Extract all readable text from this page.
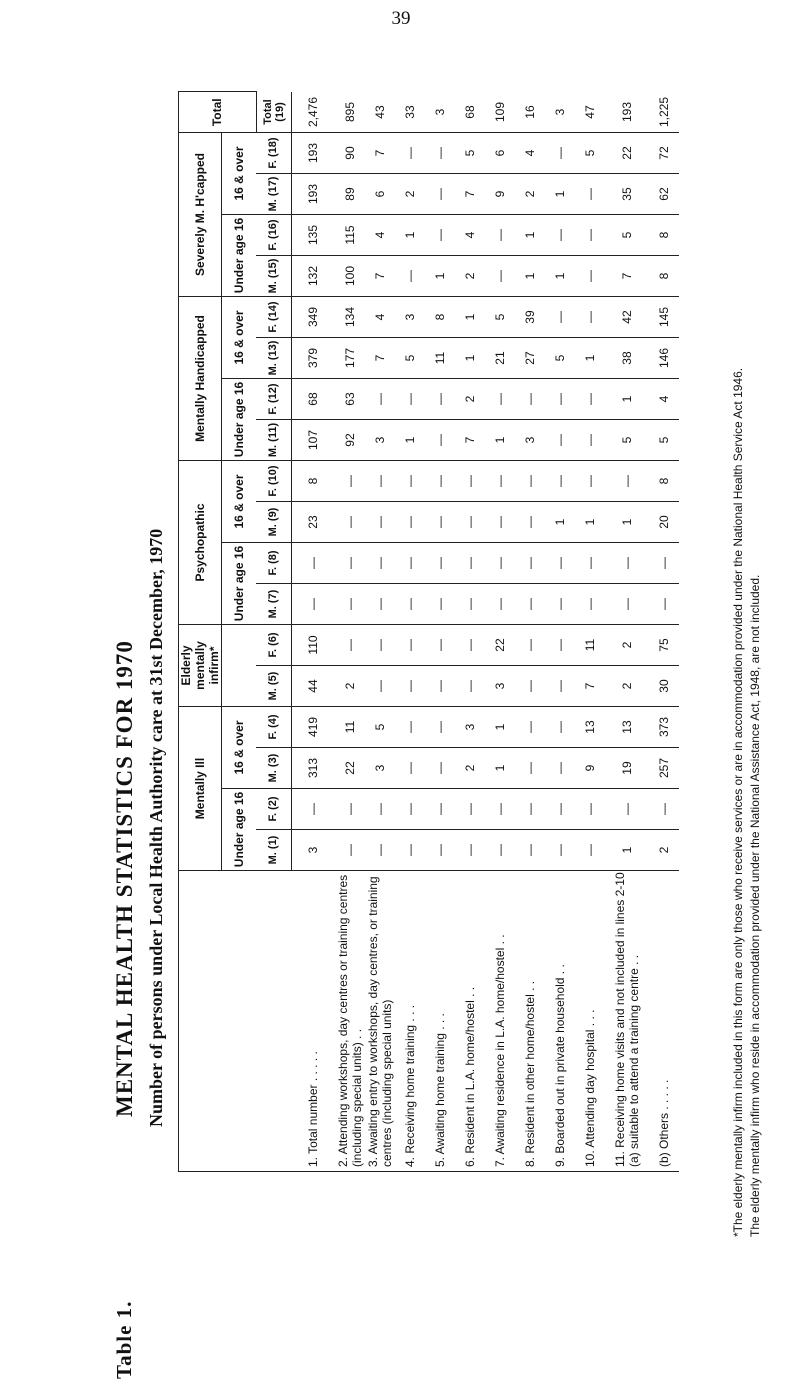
39
Table 1.
MENTAL HEALTH STATISTICS FOR 1970 Number of persons under Local Health Authority care at 31st December, 1970
	Mentally Ill				Elderly mentally infirm*		Psychopathic				Mentally Handicapped				Severely M. H'capped				Total
	Under age 16		16 & over				Under age 16		16 & over		Under age 16		16 & over		Under age 16		16 & over		
	M. (1)	F. (2)	M. (3)	F. (4)	M. (5)	F. (6)	M. (7)	F. (8)	M. (9)	F. (10)	M. (11)	F. (12)	M. (13)	F. (14)	M. (15)	F. (16)	M. (17)	F. (18)	Total (19)
1. Total number . . . . .	3	—	313	419	44	110	—	—	23	8	107	68	379	349	132	135	193	193	2,476
2. Attending workshops, day centres or training centres (including special units) . .	—	—	22	11	2	—	—	—	—	—	92	63	177	134	100	115	89	90	895
3. Awaiting entry to workshops, day centres, or training centres (including special units)	—	—	3	5	—	—	—	—	—	—	3	—	7	4	7	4	6	7	43
4. Receiving home training . . .	—	—	—	—	—	—	—	—	—	—	1	—	5	3	—	1	2	—	33
5. Awaiting home training . . .	—	—	—	—	—	—	—	—	—	—	—	—	11	8	1	—	—	—	3
6. Resident in L.A. home/hostel . .	—	—	2	3	—	—	—	—	—	—	7	2	1	1	2	4	7	5	68
7. Awaiting residence in L.A. home/hostel . .	—	—	1	1	3	22	—	—	—	—	1	—	21	5	—	—	9	6	109
8. Resident in other home/hostel . .	—	—	—	—	—	—	—	—	—	—	3	—	27	39	1	1	2	4	16
9. Boarded out in private household . .	—	—	—	—	—	—	—	—	1	—	—	—	5	—	1	—	1	—	3
10. Attending day hospital . . .	—	—	9	13	7	11	—	—	1	—	—	—	1	—	—	—	—	5	47
11. Receiving home visits and not included in lines 2-10 (a) suitable to attend a training centre . .	1	—	19	13	2	2	—	—	1	—	5	1	38	42	7	5	35	22	193
(b) Others . . . . .	2	—	257	373	30	75	—	—	20	8	5	4	146	145	8	8	62	72	1,225
*The elderly mentally infirm included in this form are only those who receive services or are in accommodation provided under the National Health Service Act 1946. The elderly mentally infirm who reside in accommodation provided under the National Assistance Act, 1948, are not included.
